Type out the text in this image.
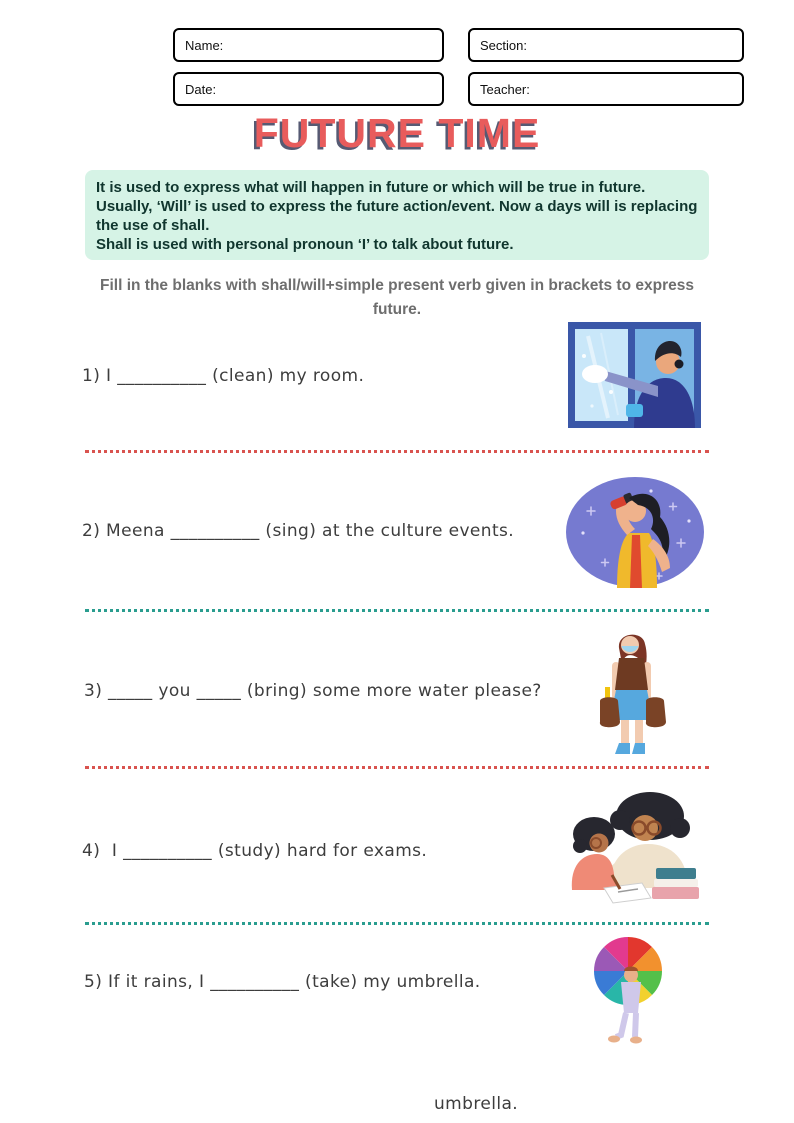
Name:	Section:
Date:	Teacher:
FUTURE TIME

It is used to express what will happen in future or which will be true in future. Usually, ‘Will’ is used to express the future action/event. Now a days will is replacing the use of shall.

Shall is used with personal pronoun ‘I’ to talk about future.

Fill in the blanks with shall/will+simple present verb given in brackets to express future.
1) I __________ (clean) my room.
2) Meena __________ (sing) at the culture events.
3) _____ you _____ (bring) some more water please?
4)  I __________ (study) hard for exams.
5) If it rains, I __________ (take) my umbrella.
umbrella.
